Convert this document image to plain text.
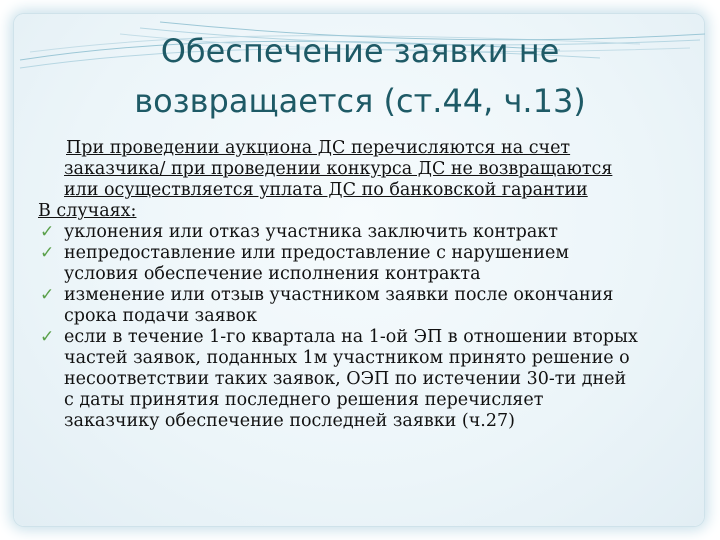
Обеспечение заявки не
возвращается (ст.44, ч.13)
При проведении аукциона ДС перечисляются на счет
заказчика/ при проведении конкурса ДС не возвращаются
или осуществляется уплата ДС по банковской гарантии
В случаях:
✓ уклонения или отказ участника заключить контракт
✓ непредоставление или предоставление с нарушением
условия обеспечение исполнения контракта
✓ изменение или отзыв участником заявки после окончания
срока подачи заявок
✓ если в течение 1-го квартала на 1-ой ЭП в отношении вторых
частей заявок, поданных 1м участником принято решение о
несоответствии таких заявок, ОЭП по истечении 30-ти дней
с даты принятия последнего решения перечисляет
заказчику обеспечение последней заявки (ч.27)
